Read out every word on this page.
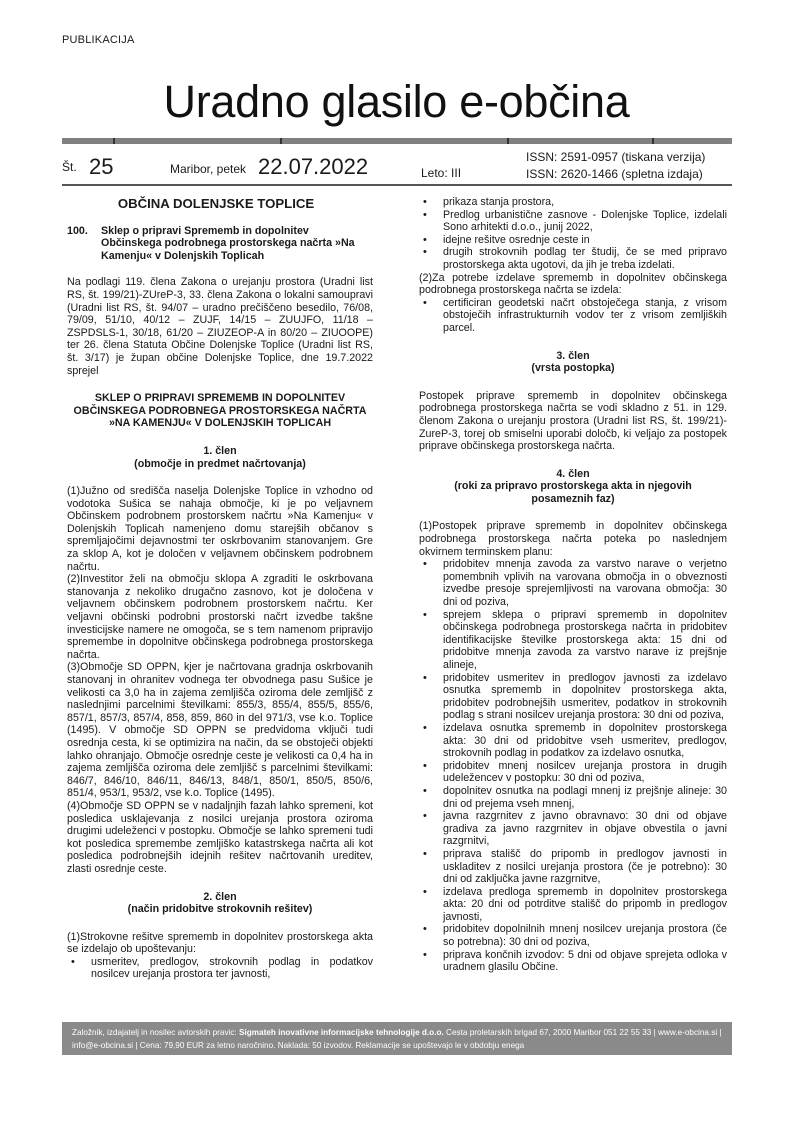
PUBLIKACIJA
Uradno glasilo e-občina
Št. 25	Maribor, petek 22.07.2022	Leto: III
ISSN: 2591-0957 (tiskana verzija)
ISSN: 2620-1466 (spletna izdaja)

OBČINA DOLENJSKE TOPLICE

100. Sklep o pripravi Sprememb in dopolnitev

Občinskega podrobnega prostorskega načrta »Na Kamenju« v Dolenjskih Toplicah

Na podlagi 119. člena Zakona o urejanju prostora (Uradni list RS, št. 199/21)-ZUreP-3, 33. člena Zakona o lokalni samoupravi (Uradni list RS, št. 94/07 – uradno prečiščeno besedilo, 76/08, 79/09, 51/10, 40/12 – ZUJF, 14/15 – ZUUJFO, 11/18 – ZSPDSLS-1, 30/18, 61/20 – ZIUZEOP-A in 80/20 – ZIUOOPE) ter 26. člena Statuta Občine Dolenjske Toplice (Uradni list RS, št. 3/17) je župan občine Dolenjske Toplice, dne 19.7.2022 sprejel

SKLEP O PRIPRAVI SPREMEMB IN DOPOLNITEV OBČINSKEGA PODROBNEGA PROSTORSKEGA NAČRTA »NA KAMENJU« V DOLENJSKIH TOPLICAH

1. člen

(območje in predmet načrtovanja)

(1)Južno od središča naselja Dolenjske Toplice in vzhodno od vodotoka Sušica se nahaja območje, ki je po veljavnem Občinskem podrobnem prostorskem načrtu »Na Kamenju« v Dolenjskih Toplicah namenjeno domu starejših občanov s spremljajočimi dejavnostmi ter oskrbovanim stanovanjem. Gre za sklop A, kot je določen v veljavnem občinskem podrobnem načrtu.

(2)Investitor želi na območju sklopa A zgraditi le oskrbovana stanovanja z nekoliko drugačno zasnovo, kot je določena v veljavnem občinskem podrobnem prostorskem načrtu. Ker veljavni občinski podrobni prostorski načrt izvedbe takšne investicijske namere ne omogoča, se s tem namenom pripravijo spremembe in dopolnitve občinskega podrobnega prostorskega načrta.

(3)Območje SD OPPN, kjer je načrtovana gradnja oskrbovanih stanovanj in ohranitev vodnega ter obvodnega pasu Sušice je velikosti ca 3,0 ha in zajema zemljišča oziroma dele zemljišč z naslednjimi parcelnimi številkami: 855/3, 855/4, 855/5, 855/6, 857/1, 857/3, 857/4, 858, 859, 860 in del 971/3, vse k.o. Toplice (1495). V območje SD OPPN se predvidoma vključi tudi osrednja cesta, ki se optimizira na način, da se obstoječi objekti lahko ohranjajo. Območje osrednje ceste je velikosti ca 0,4 ha in zajema zemljišča oziroma dele zemljišč s parcelnimi številkami: 846/7, 846/10, 846/11, 846/13, 848/1, 850/1, 850/5, 850/6, 851/4, 953/1, 953/2, vse k.o. Toplice (1495).

(4)Območje SD OPPN se v nadaljnjih fazah lahko spremeni, kot posledica usklajevanja z nosilci urejanja prostora oziroma drugimi udeleženci v postopku. Območje se lahko spremeni tudi kot posledica spremembe zemljiško katastrskega načrta ali kot posledica podrobnejših idejnih rešitev načrtovanih ureditev, zlasti osrednje ceste.

2. člen

(način pridobitve strokovnih rešitev)

(1)Strokovne rešitve sprememb in dopolnitev prostorskega akta se izdelajo ob upoštevanju:

• usmeritev, predlogov, strokovnih podlag in podatkov nosilcev urejanja prostora ter javnosti,
• prikaza stanja prostora,
• Predlog urbanistične zasnove - Dolenjske Toplice, izdelali Sono arhitekti d.o.o., junij 2022,
• idejne rešitve osrednje ceste in
• drugih strokovnih podlag ter študij, če se med pripravo prostorskega akta ugotovi, da jih je treba izdelati.

(2)Za potrebe izdelave sprememb in dopolnitev občinskega podrobnega prostorskega načrta se izdela:

• certificiran geodetski načrt obstoječega stanja, z vrisom obstoječih infrastrukturnih vodov ter z vrisom zemljiških parcel.

3. člen

(vrsta postopka)

Postopek priprave sprememb in dopolnitev občinskega podrobnega prostorskega načrta se vodi skladno z 51. in 129. členom Zakona o urejanju prostora (Uradni list RS, št. 199/21)-ZureP-3, torej ob smiselni uporabi določb, ki veljajo za postopek priprave občinskega prostorskega načrta.

4. člen

(roki za pripravo prostorskega akta in njegovih posameznih faz)

(1)Postopek priprave sprememb in dopolnitev občinskega podrobnega prostorskega načrta poteka po naslednjem okvirnem terminskem planu:

• pridobitev mnenja zavoda za varstvo narave o verjetno pomembnih vplivih na varovana območja in o obveznosti izvedbe presoje sprejemljivosti na varovana območja: 30 dni od poziva,
• sprejem sklepa o pripravi sprememb in dopolnitev občinskega podrobnega prostorskega načrta in pridobitev identifikacijske številke prostorskega akta: 15 dni od pridobitve mnenja zavoda za varstvo narave iz prejšnje alineje,
• pridobitev usmeritev in predlogov javnosti za izdelavo osnutka sprememb in dopolnitev prostorskega akta, pridobitev podrobnejših usmeritev, podatkov in strokovnih podlag s strani nosilcev urejanja prostora: 30 dni od poziva,
• izdelava osnutka sprememb in dopolnitev prostorskega akta: 30 dni od pridobitve vseh usmeritev, predlogov, strokovnih podlag in podatkov za izdelavo osnutka,
• pridobitev mnenj nosilcev urejanja prostora in drugih udeležencev v postopku: 30 dni od poziva,
• dopolnitev osnutka na podlagi mnenj iz prejšnje alineje: 30 dni od prejema vseh mnenj,
• javna razgrnitev z javno obravnavo: 30 dni od objave gradiva za javno razgrnitev in objave obvestila o javni razgrnitvi,
• priprava stališč do pripomb in predlogov javnosti in uskladitev z nosilci urejanja prostora (če je potrebno): 30 dni od zaključka javne razgrnitve,
• izdelava predloga sprememb in dopolnitev prostorskega akta: 20 dni od potrditve stališč do pripomb in predlogov javnosti,
• pridobitev dopolnilnih mnenj nosilcev urejanja prostora (če so potrebna): 30 dni od poziva,
• priprava končnih izvodov: 5 dni od objave sprejeta odloka v uradnem glasilu Občine.
Založnik, izdajatelj in nosilec avtorskih pravic: Sigmateh inovativne informacijske tehnologije d.o.o. Cesta proletarskih brigad 67, 2000 Maribor 051 22 55 33 | www.e-obcina.si | info@e-obcina.si | Cena: 79,90 EUR za letno naročnino. Naklada: 50 izvodov. Reklamacije se upoštevajo le v obdobju enega
